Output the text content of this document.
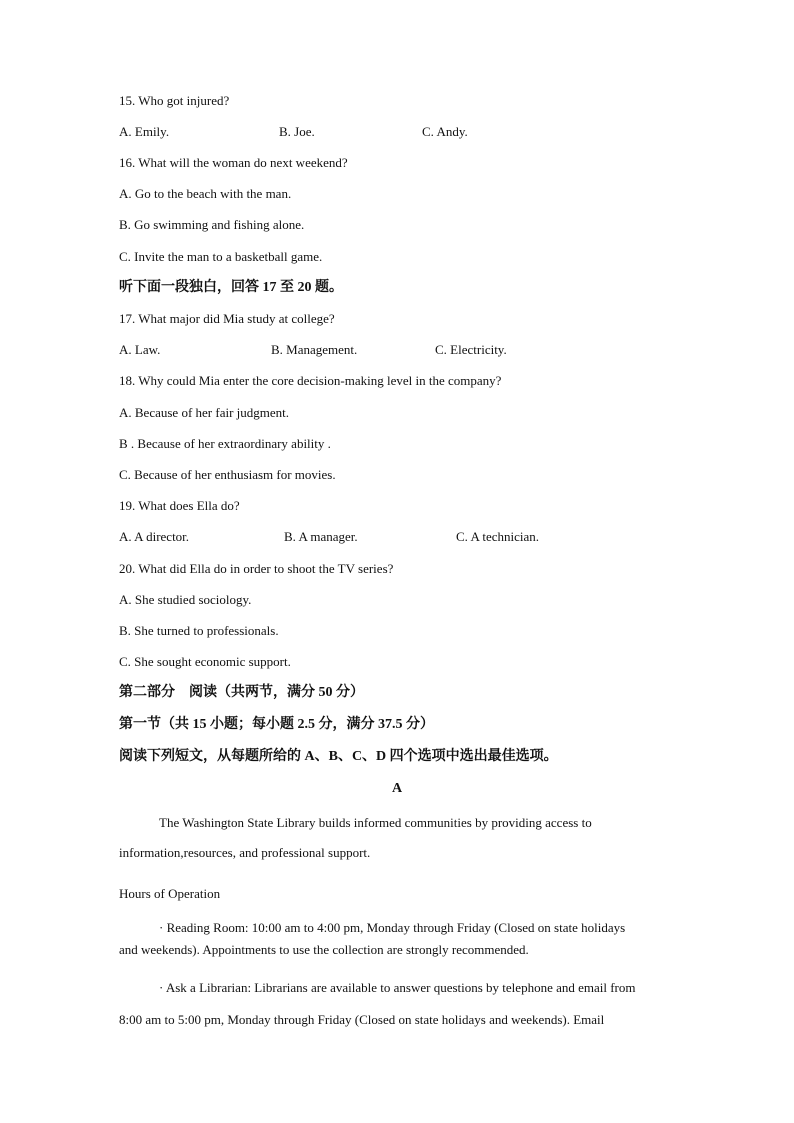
15. Who got injured?
A. Emily.	B. Joe.	C. Andy.
16. What will the woman do next weekend?
A. Go to the beach with the man.
B. Go swimming and fishing alone.
C. Invite the man to a basketball game.
听下面一段独白，回答 17 至 20 题。
17. What major did Mia study at college?
A. Law.	B. Management.	C. Electricity.
18. Why could Mia enter the core decision-making level in the company?
A. Because of her fair judgment.
B . Because of her extraordinary ability .
C. Because of her enthusiasm for movies.
19. What does Ella do?
A. A director.	B. A manager.	C. A technician.
20. What did Ella do in order to shoot the TV series?
A. She studied sociology.
B. She turned to professionals.
C. She sought economic support.
第二部分　阅读（共两节，满分 50 分）
第一节（共 15 小题；每小题 2.5 分，满分 37.5 分）
阅读下列短文，从每题所给的 A、B、C、D 四个选项中选出最佳选项。
A
The Washington State Library builds informed communities by providing access to
information,resources, and professional support.
Hours of Operation
· Reading Room: 10:00 am to 4:00 pm, Monday through Friday (Closed on state holidays
and weekends). Appointments to use the collection are strongly recommended.
· Ask a Librarian: Librarians are available to answer questions by telephone and email from
8:00 am to 5:00 pm, Monday through Friday (Closed on state holidays and weekends). Email
